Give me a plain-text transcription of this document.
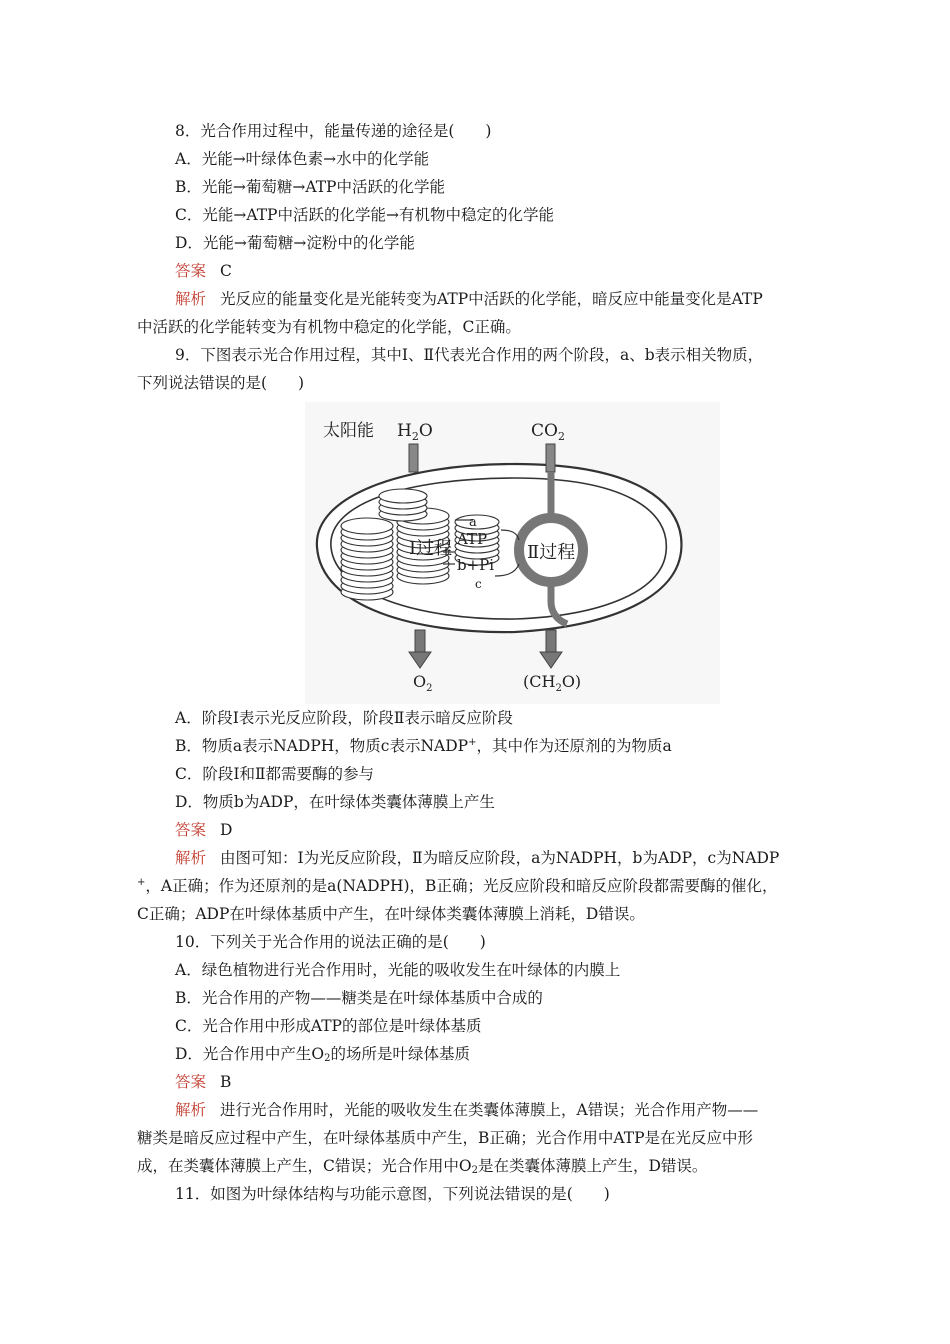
8．光合作用过程中，能量传递的途径是(　　)
A．光能→叶绿体色素→水中的化学能
B．光能→葡萄糖→ATP中活跃的化学能
C．光能→ATP中活跃的化学能→有机物中稳定的化学能
D．光能→葡萄糖→淀粉中的化学能
答案 C
解析 光反应的能量变化是光能转变为ATP中活跃的化学能，暗反应中能量变化是ATP
中活跃的化学能转变为有机物中稳定的化学能，C正确。
9．下图表示光合作用过程，其中Ⅰ、Ⅱ代表光合作用的两个阶段，a、b表示相关物质，
下列说法错误的是(　　)
太阳能 $H_2O$	$CO_2$
Ⅰ过程	Ⅱ过程
a
ATP
b+Pi
c
$O_2$	$(CH_2O)$
A．阶段Ⅰ表示光反应阶段，阶段Ⅱ表示暗反应阶段
B．物质a表示NADPH，物质c表示NADP+，其中作为还原剂的为物质a
C．阶段Ⅰ和Ⅱ都需要酶的参与
D．物质b为ADP，在叶绿体类囊体薄膜上产生
答案 D
解析 由图可知：Ⅰ为光反应阶段，Ⅱ为暗反应阶段，a为NADPH，b为ADP，c为NADP
+，A正确；作为还原剂的是a(NADPH)，B正确；光反应阶段和暗反应阶段都需要酶的催化，
C正确；ADP在叶绿体基质中产生，在叶绿体类囊体薄膜上消耗，D错误。
10．下列关于光合作用的说法正确的是(　　)
A．绿色植物进行光合作用时，光能的吸收发生在叶绿体的内膜上
B．光合作用的产物——糖类是在叶绿体基质中合成的
C．光合作用中形成ATP的部位是叶绿体基质
D．光合作用中产生$O_2$的场所是叶绿体基质
答案 B
解析 进行光合作用时，光能的吸收发生在类囊体薄膜上，A错误；光合作用产物——
糖类是暗反应过程中产生，在叶绿体基质中产生，B正确；光合作用中ATP是在光反应中形
成，在类囊体薄膜上产生，C错误；光合作用中$O_2$是在类囊体薄膜上产生，D错误。
11．如图为叶绿体结构与功能示意图，下列说法错误的是(　　)
